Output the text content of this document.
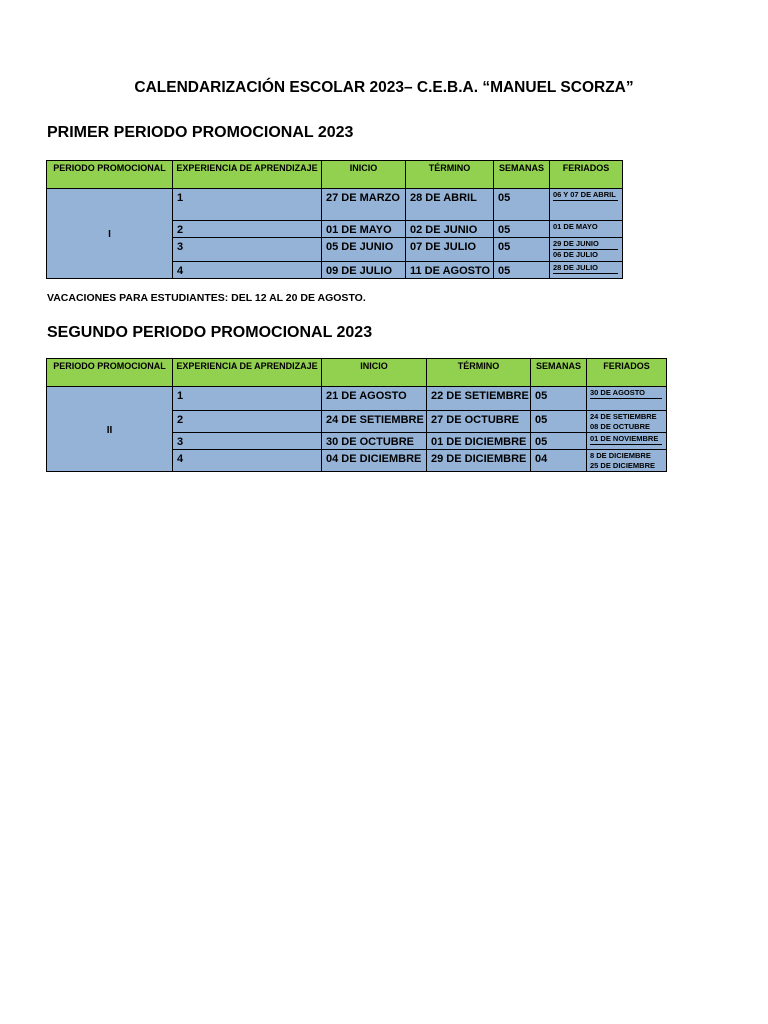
CALENDARIZACIÓN ESCOLAR 2023– C.E.B.A. “MANUEL SCORZA”
PRIMER PERIODO PROMOCIONAL 2023
PERIODO PROMOCIONAL	EXPERIENCIA DE APRENDIZAJE	INICIO	TÉRMINO	SEMANAS	FERIADOS
I	1	27 DE MARZO	28 DE ABRIL	05	06 Y 07 DE ABRIL

	2	01 DE MAYO	02 DE JUNIO	05	01 DE MAYO

	3	05 DE JUNIO	07 DE JULIO	05	29 DE JUNIO
06 DE JULIO

	4	09 DE JULIO	11 DE AGOSTO	05	28 DE JULIO
VACACIONES PARA ESTUDIANTES: DEL 12 AL 20 DE AGOSTO.
SEGUNDO PERIODO PROMOCIONAL 2023
PERIODO PROMOCIONAL	EXPERIENCIA DE APRENDIZAJE	INICIO	TÉRMINO	SEMANAS	FERIADOS
II	1	21 DE AGOSTO	22 DE SETIEMBRE	05	30 DE AGOSTO

	2	24 DE SETIEMBRE	27 DE OCTUBRE	05	24 DE SETIEMBRE
08 DE OCTUBRE

	3	30 DE OCTUBRE	01 DE DICIEMBRE	05	01 DE NOVIEMBRE

	4	04 DE DICIEMBRE	29 DE DICIEMBRE	04	8 DE DICIEMBRE
25 DE DICIEMBRE
